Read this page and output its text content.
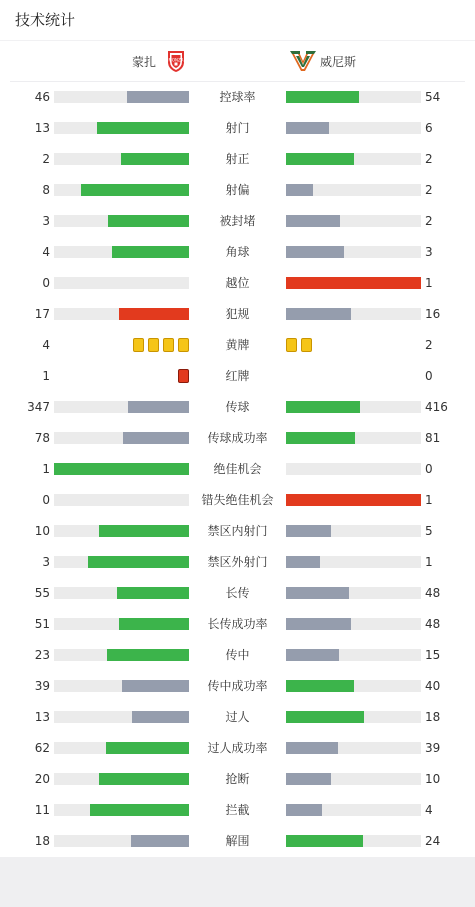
技术统计
蒙扎	MONZA	威尼斯
46	控球率	54
13	射门	6
2	射正	2
8	射偏	2
3	被封堵	2
4	角球	3
0	越位	1
17	犯规	16
4	黄牌	2
1	红牌	0
347	传球	416
78	传球成功率	81
1	绝佳机会	0
0	错失绝佳机会	1
10	禁区内射门	5
3	禁区外射门	1
55	长传	48
51	长传成功率	48
23	传中	15
39	传中成功率	40
13	过人	18
62	过人成功率	39
20	抢断	10
11	拦截	4
18	解围	24
